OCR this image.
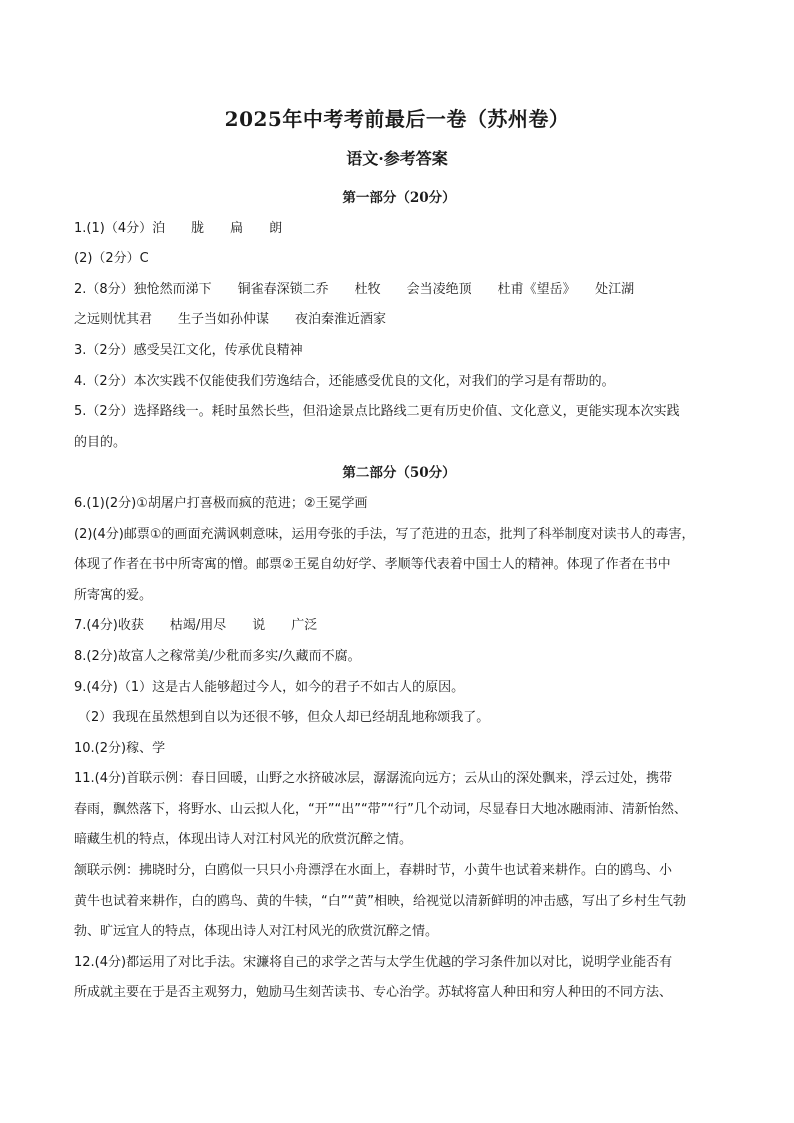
2025年中考考前最后一卷（苏州卷）
语文·参考答案
第一部分（20分）
1.(1)（4分）泊　　胧　　扁　　朗
(2)（2分）C
2.（8分）独怆然而涕下　　铜雀春深锁二乔　　杜牧　　会当凌绝顶　　杜甫《望岳》　　处江湖
之远则忧其君　　生子当如孙仲谋　　夜泊秦淮近酒家
3.（2分）感受吴江文化，传承优良精神
4.（2分）本次实践不仅能使我们劳逸结合，还能感受优良的文化，对我们的学习是有帮助的。
5.（2分）选择路线一。耗时虽然长些，但沿途景点比路线二更有历史价值、文化意义，更能实现本次实践
的目的。
第二部分（50分）
6.(1)(2分)①胡屠户打喜极而疯的范进；②王冕学画
(2)(4分)邮票①的画面充满讽刺意味，运用夸张的手法，写了范进的丑态，批判了科举制度对读书人的毒害，
体现了作者在书中所寄寓的憎。邮票②王冕自幼好学、孝顺等代表着中国士人的精神。体现了作者在书中
所寄寓的爱。
7.(4分)收获　　枯竭/用尽　　说　　广泛
8.(2分)故富人之稼常美/少秕而多实/久藏而不腐。
9.(4分)（1）这是古人能够超过今人，如今的君子不如古人的原因。
（2）我现在虽然想到自以为还很不够，但众人却已经胡乱地称颂我了。
10.(2分)稼、学
11.(4分)首联示例：春日回暖，山野之水挤破冰层，潺潺流向远方；云从山的深处飘来，浮云过处，携带
春雨，飘然落下，将野水、山云拟人化，“开”“出”“带”“行”几个动词，尽显春日大地冰融雨沛、清新怡然、
暗藏生机的特点，体现出诗人对江村风光的欣赏沉醉之情。
颔联示例：拂晓时分，白鸥似一只只小舟漂浮在水面上，春耕时节，小黄牛也试着来耕作。白的鸥鸟、小
黄牛也试着来耕作，白的鸥鸟、黄的牛犊，“白”“黄”相映，给视觉以清新鲜明的冲击感，写出了乡村生气勃
勃、旷远宜人的特点，体现出诗人对江村风光的欣赏沉醉之情。
12.(4分)都运用了对比手法。宋濂将自己的求学之苦与太学生优越的学习条件加以对比，说明学业能否有
所成就主要在于是否主观努力，勉励马生刻苦读书、专心治学。苏轼将富人种田和穷人种田的不同方法、
